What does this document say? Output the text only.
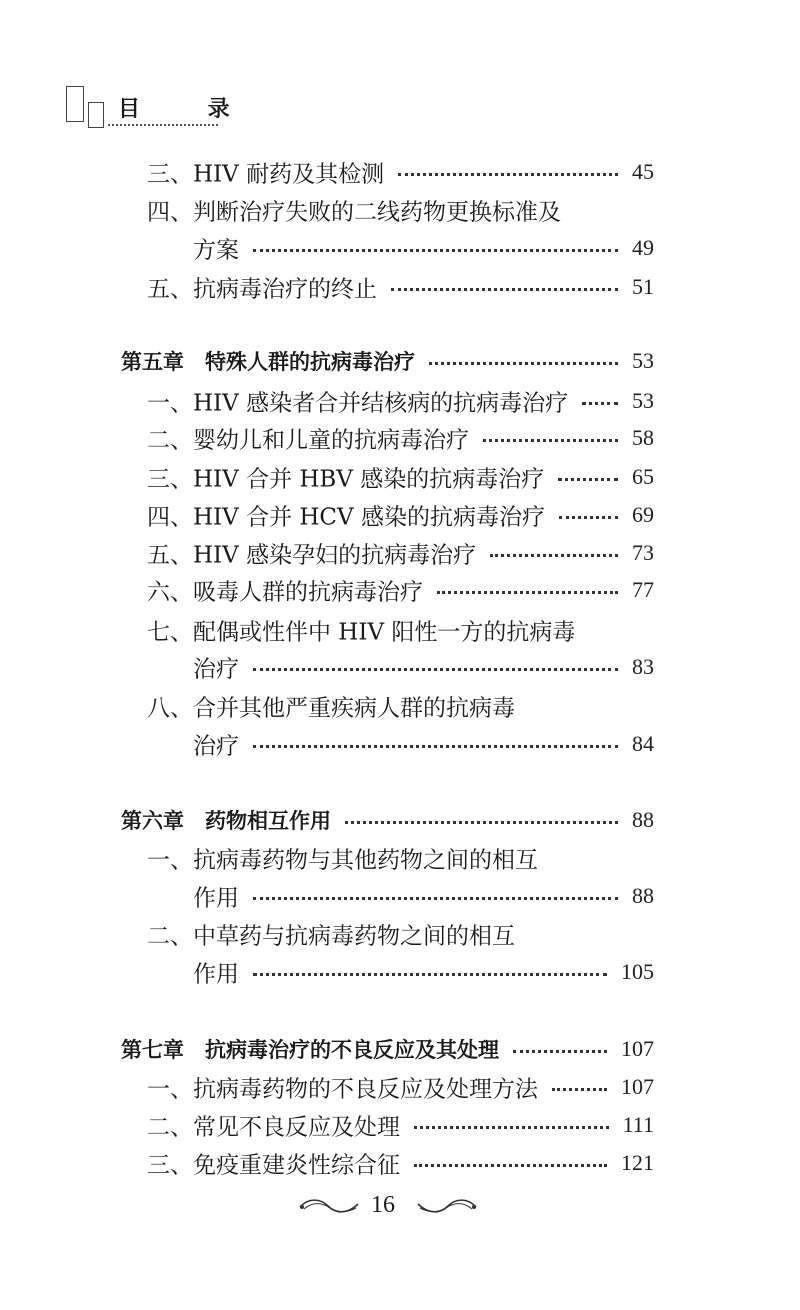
目 录
三、HIV 耐药及其检测	45
四、判断治疗失败的二线药物更换标准及
方案	49
五、抗病毒治疗的终止	51
第五章　特殊人群的抗病毒治疗	53
一、HIV 感染者合并结核病的抗病毒治疗	53
二、婴幼儿和儿童的抗病毒治疗	58
三、HIV 合并 HBV 感染的抗病毒治疗	65
四、HIV 合并 HCV 感染的抗病毒治疗	69
五、HIV 感染孕妇的抗病毒治疗	73
六、吸毒人群的抗病毒治疗	77
七、配偶或性伴中 HIV 阳性一方的抗病毒
治疗	83
八、合并其他严重疾病人群的抗病毒
治疗	84
第六章　药物相互作用	88
一、抗病毒药物与其他药物之间的相互
作用	88
二、中草药与抗病毒药物之间的相互
作用	105
第七章　抗病毒治疗的不良反应及其处理	107
一、抗病毒药物的不良反应及处理方法	107
二、常见不良反应及处理	111
三、免疫重建炎性综合征	121
16
